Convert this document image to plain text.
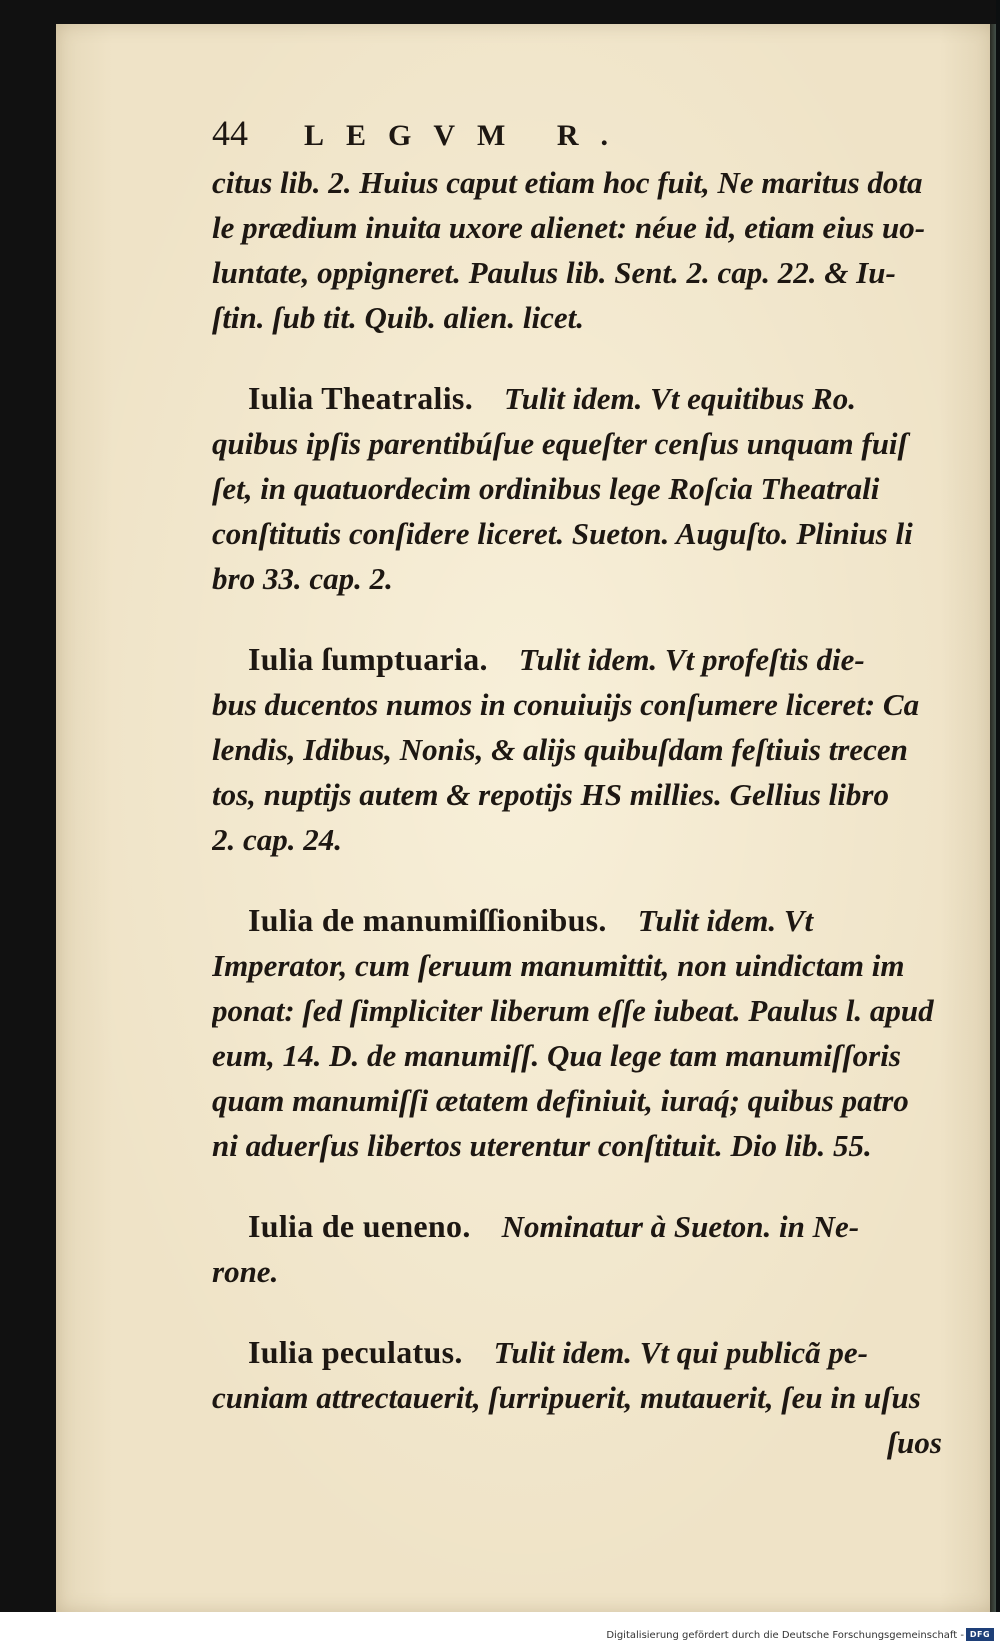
44	LEGVM R.
citus lib. 2. Huius caput etiam hoc fuit, Ne maritus dota
le prædium inuita uxore alienet: néue id, etiam eius uo-
luntate, oppigneret. Paulus lib. Sent. 2. cap. 22. & Iu-
ſtin. ſub tit. Quib. alien. licet.
Iulia Theatralis. Tulit idem. Vt equitibus Ro.
quibus ipſis parentibúſue equeſter cenſus unquam fuiſ
ſet, in quatuordecim ordinibus lege Roſcia Theatrali
conſtitutis conſidere liceret. Sueton. Auguſto. Plinius li
bro 33. cap. 2.
Iulia ſumptuaria. Tulit idem. Vt profeſtis die-
bus ducentos numos in conuiuijs conſumere liceret: Ca
lendis, Idibus, Nonis, & alijs quibuſdam feſtiuis trecen
tos, nuptijs autem & repotijs HS millies. Gellius libro
2. cap. 24.
Iulia de manumiſſionibus. Tulit idem. Vt
Imperator, cum ſeruum manumittit, non uindictam im
ponat: ſed ſimpliciter liberum eſſe iubeat. Paulus l. apud
eum, 14. D. de manumiſſ. Qua lege tam manumiſſoris
quam manumiſſi ætatem definiuit, iuraq́; quibus patro
ni aduerſus libertos uterentur conſtituit. Dio lib. 55.
Iulia de ueneno. Nominatur à Sueton. in Ne-
rone.
Iulia peculatus. Tulit idem. Vt qui publicã pe-
cuniam attrectauerit, ſurripuerit, mutauerit, ſeu in uſus
ſuos
Digitalisierung gefördert durch die Deutsche Forschungsgemeinschaft - DFG
